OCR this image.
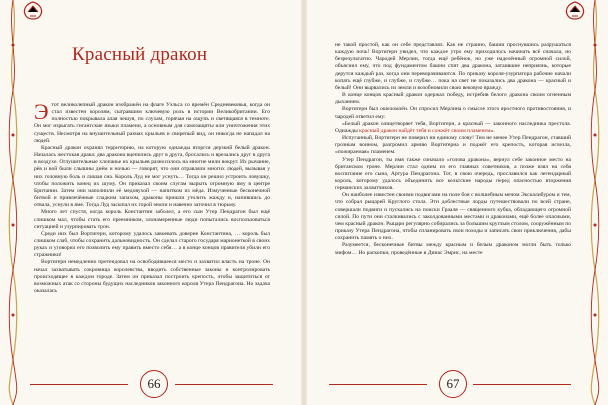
Красный дракон

Этот великолепный дракон изображён на флаге Уэльса со времён Средневековья, когда он стал известен королям, сыгравшим ключевую роль в истории Великобритании. Его полностью покрывала алая чешуя, по слухам, горячая на ощупь и светящаяся в темноте. Он мог изрыгать гигантские языки пламени, а основным для самозащиты или уничтожения этих существ. Несмотря на внушительный размах крыльев и свирепый вид, он никогда не нападал на людей.

Красный дракон охранял территорию, на которую однажды вторгся дерзкий белый дракон. Началась жестокая драка: два дракона вцепились друг в друга, бросались и врезались друг в друга в воздухе. Оглушительные хлопанье их крыльев разносилось на многие мили вокруг. Их рычание, рёв и вой были слышны днём и ночью — говорят, что они отравляли многих людей, вызывая у них головную боль и лишая сна. Король Луд не мог уснуть… Тогда он решил устроить ловушку, чтобы положить конец их шуму. Он приказал своим слугам вырыть огромную яму в центре Британии. Затем они наполнили её медовухой — напитком из мёда. Измученные бесконечной битвой и привлечённые сладким запахом, драконы пришли утолить жажду и, напившись до отвала, уснули в яме. Тогда Луд засыпал их горой земли и навечно заточил в тюрьму.

Много лет спустя, когда король Константин заболел, а его сын Утер Пендрагон был ещё слишком мал, чтобы стать его преемником, злонамеренные люди попытались воспользоваться ситуацией и узурпировать трон.

Среди них был Вортигерн, которому удалось завоевать доверие Константина, … король был слишком слаб, чтобы сохранить дальновидность. Он сделал старого государя марионеткой в своих руках и уговорил его позволить ему править вместо себя… а в конце концов правителя убили его стражники!

Вортигерн немедленно претендовал на освободившееся место и захватил власть на троне. Он начал захватывать сокровища королевства, вводить собственные законы и контролировать происходящее в каждом городе. Затем он приказал построить крепость, чтобы защититься от возможных атак со стороны будущих наследников законного короля Утера Пендрагона. Но задача оказалась

66

не такой простой, как он себе представлял. Как не странно, башни проснувшись разрушаться каждую ночь! Вортигерн увидел, что каждое утро ему приходилось начинать всё сначала, но безрезультатно. Чародей Мерлин, тогда ещё ребёнок, но уже наделённый огромной силой, объяснил ему, что под фундаментом башни спят два дракона, затаившие неприязнь, которые дерутся каждый раз, когда они переворачиваются. По приказу короля-узурпатора рабочие начали копать ещё глубже, и глубже, и глубже… пока на свет не показались два дракона — красный и белый! Они вырвались из земли и возобновили свою вековую вражду.

В конце концов красный дракон одержал победу, истребив белого дракона своим огненным дыханием.

Вортигерн был ошеломлён. Он спросил Мерлина о смысле этого яростного противостояния, и чародей ответил ему:

«Белый дракон олицетворяет тебя, Вортигерн, а красный — законного наследника престола. Однажды красный дракон найдёт тебя и сожжёт своим пламенем».

Испуганный, Вортигерн не поверил ни единому слову! Тем не менее Утер Пендрагон, ставший грозным воином, разгромил армию Вортигерна и поджёг его крепость, которая исчезла, «пожираемая» пламенем.

Утер Пендрагон, ты имя также означало «голова дракона», вернул себе законное место на британском троне. Мерлин стал одним из его главных советников, а позже взял на себя воспитание его сына, Артура Пендрагона. Тот, в свою очередь, прославился как легендарный король, которому удалось объединить все кельтские народы перед опасностью вторжения германских захватчиков.

Он наиболее известен своими подвигами на поле боя с волшебным мечом Экскалибуром и тем, что собрал рыцарей Круглого стола. Эти доблестные лорды путешествовали по всей стране, совершали подвиги и пускались на поиски Грааля — священного кубка, обладающего огромной силой. По пути они сталкивались с заколдованными местами и драконами, ещё более опасными, чем красный дракон. Рыцари регулярно собирались за большим круглым столом, сооружённым по приказу Утера Пендрагона, чтобы спланировать свои походы и записать свои приключения, дабы сохранить память о них.

Разумеется, бесконечные битвы между красным и белым драконом могли быть только мифом… Но раскопки, проведённые в Динас Эмрис, на месте

67
